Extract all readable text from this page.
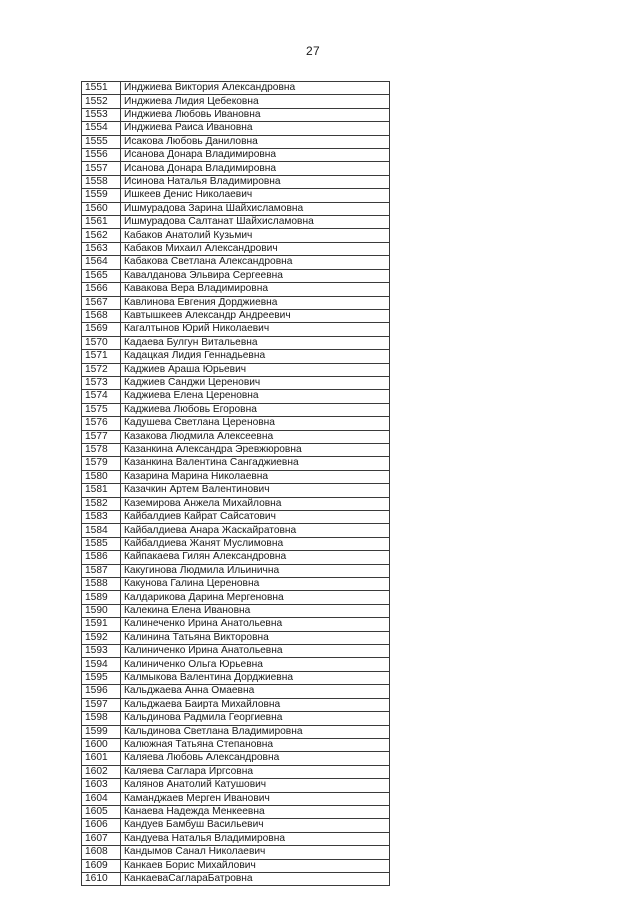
27
1551	Инджиева Виктория Александровна
1552	Инджиева Лидия Цебековна
1553	Инджиева Любовь Ивановна
1554	Инджиева Раиса Ивановна
1555	Исакова Любовь Даниловна
1556	Исанова Донара Владимировна
1557	Исанова Донара Владимировна
1558	Исинова Наталья Владимировна
1559	Ишкеев Денис Николаевич
1560	Ишмурадова Зарина Шайхисламовна
1561	Ишмурадова Салтанат Шайхисламовна
1562	Кабаков Анатолий Кузьмич
1563	Кабаков Михаил Александрович
1564	Кабакова Светлана Александровна
1565	Кавалданова Эльвира Сергеевна
1566	Кавакова Вера Владимировна
1567	Кавлинова Евгения Дорджиевна
1568	Кавтышкеев Александр Андреевич
1569	Кагалтынов Юрий Николаевич
1570	Кадаева Булгун Витальевна
1571	Кадацкая Лидия Геннадьевна
1572	Каджиев Араша Юрьевич
1573	Каджиев Санджи Церенович
1574	Каджиева Елена Цереновна
1575	Каджиева Любовь Егоровна
1576	Кадушева Светлана Цереновна
1577	Казакова Людмила Алексеевна
1578	Казанкина Александра Эревжюровна
1579	Казанкина Валентина Сангаджиевна
1580	Казарина Марина Николаевна
1581	Казачкин Артем Валентинович
1582	Каземирова Анжела Михайловна
1583	Кайбалдиев Кайрат Сайсатович
1584	Кайбалдиева Анара Жаскайратовна
1585	Кайбалдиева Жанят Муслимовна
1586	Кайпакаева Гилян Александровна
1587	Какугинова Людмила Ильинична
1588	Какунова Галина Цереновна
1589	Калдарикова Дарина Мергеновна
1590	Калекина Елена Ивановна
1591	Калинеченко Ирина Анатольевна
1592	Калинина Татьяна Викторовна
1593	Калиниченко Ирина Анатольевна
1594	Калиниченко Ольга Юрьевна
1595	Калмыкова Валентина Дорджиевна
1596	Кальджаева Анна Омаевна
1597	Кальджаева Баирта Михайловна
1598	Кальдинова Радмила Георгиевна
1599	Кальдинова Светлана Владимировна
1600	Калюжная Татьяна Степановна
1601	Каляева Любовь Александровна
1602	Каляева Саглара Иргсовна
1603	Калянов Анатолий Катушович
1604	Каманджаев Мерген Иванович
1605	Канаева Надежда Менкеевна
1606	Кандуев Бамбуш Васильевич
1607	Кандуева Наталья Владимировна
1608	Кандымов Санал Николаевич
1609	Канкаев Борис Михайлович
1610	КанкаеваСаглараБатровна
